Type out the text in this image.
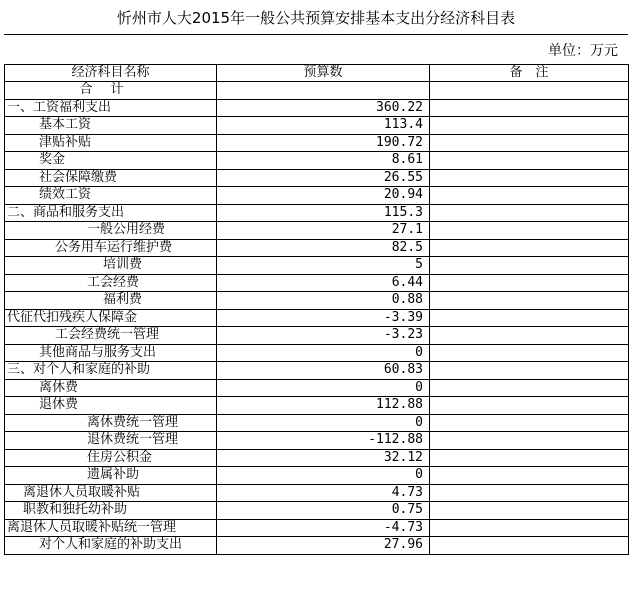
忻州市人大2015年一般公共预算安排基本支出分经济科目表
单位：万元
经济科目名称	预算数	备　注
合计		
一、工资福利支出	360.22	
基本工资	113.4	
津贴补贴	190.72	
奖金	8.61	
社会保障缴费	26.55	
绩效工资	20.94	
二、商品和服务支出	115.3	
一般公用经费	27.1	
公务用车运行维护费	82.5	
培训费	5	
工会经费	6.44	
福利费	0.88	
代征代扣残疾人保障金	-3.39	
工会经费统一管理	-3.23	
其他商品与服务支出	0	
三、对个人和家庭的补助	60.83	
离休费	0	
退休费	112.88	
离休费统一管理	0	
退休费统一管理	-112.88	
住房公积金	32.12	
遗属补助	0	
离退休人员取暖补贴	4.73	
职教和独托幼补助	0.75	
离退休人员取暖补贴统一管理	-4.73	
对个人和家庭的补助支出	27.96	
